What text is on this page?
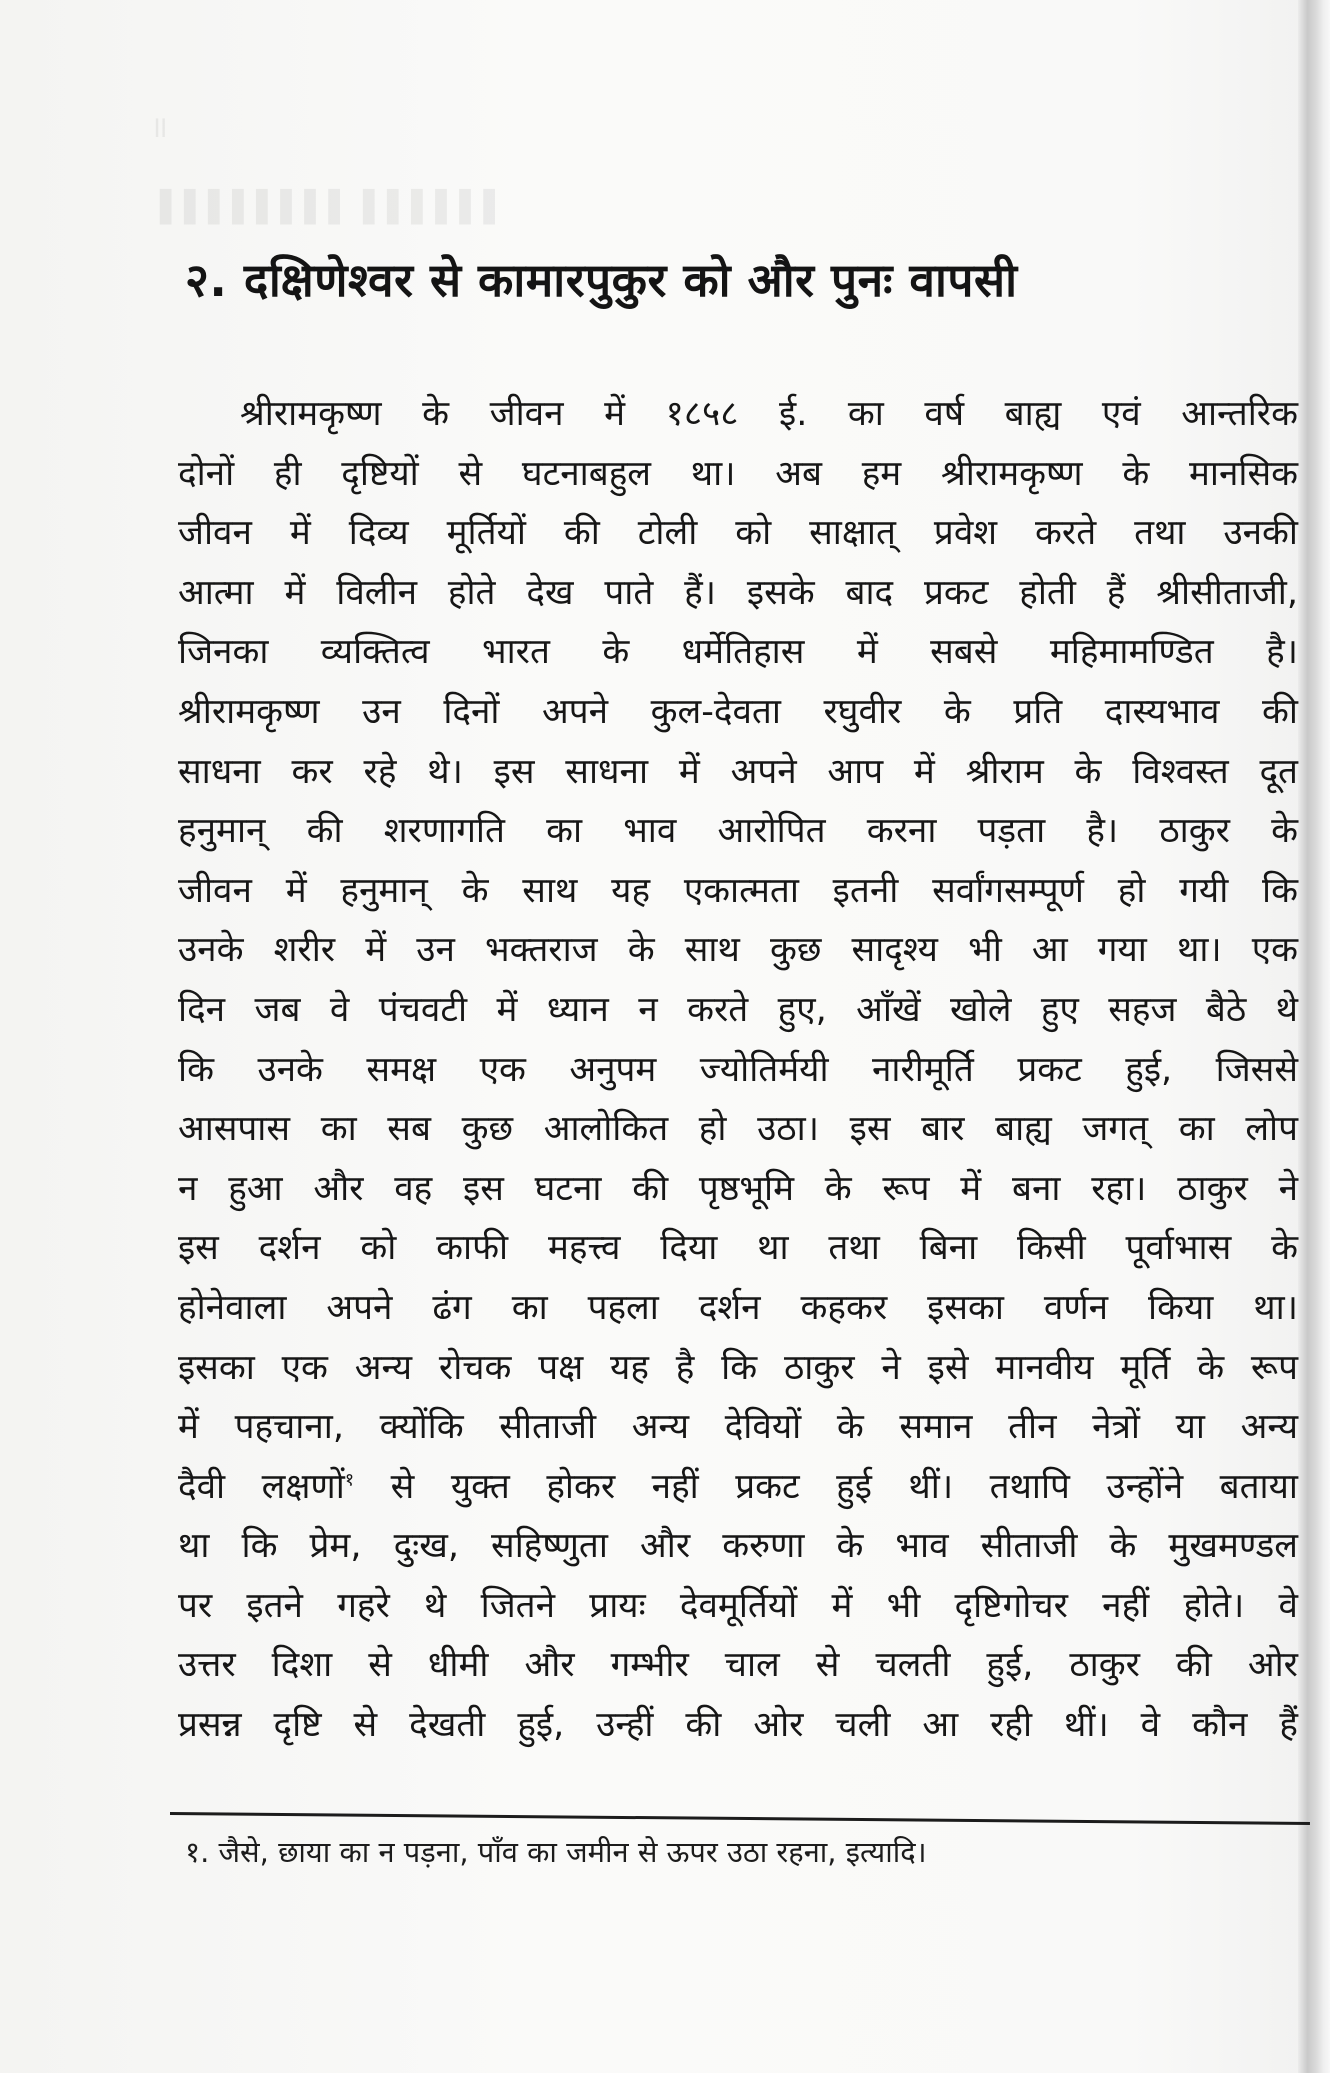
॥
▌▌▌▌▌▌▌▌ ▌▌▌▌▌▌
२. दक्षिणेश्वर से कामारपुकुर को और पुनः वापसी
श्रीरामकृष्ण के जीवन में १८५८ ई. का वर्ष बाह्य एवं आन्तरिक
दोनों ही दृष्टियों से घटनाबहुल था। अब हम श्रीरामकृष्ण के मानसिक
जीवन में दिव्य मूर्तियों की टोली को साक्षात् प्रवेश करते तथा उनकी
आत्मा में विलीन होते देख पाते हैं। इसके बाद प्रकट होती हैं श्रीसीताजी,
जिनका व्यक्तित्व भारत के धर्मेतिहास में सबसे महिमामण्डित है।
श्रीरामकृष्ण उन दिनों अपने कुल-देवता रघुवीर के प्रति दास्यभाव की
साधना कर रहे थे। इस साधना में अपने आप में श्रीराम के विश्वस्त दूत
हनुमान् की शरणागति का भाव आरोपित करना पड़ता है। ठाकुर के
जीवन में हनुमान् के साथ यह एकात्मता इतनी सर्वांगसम्पूर्ण हो गयी कि
उनके शरीर में उन भक्तराज के साथ कुछ सादृश्य भी आ गया था। एक
दिन जब वे पंचवटी में ध्यान न करते हुए, आँखें खोले हुए सहज बैठे थे
कि उनके समक्ष एक अनुपम ज्योतिर्मयी नारीमूर्ति प्रकट हुई, जिससे
आसपास का सब कुछ आलोकित हो उठा। इस बार बाह्य जगत् का लोप
न हुआ और वह इस घटना की पृष्ठभूमि के रूप में बना रहा। ठाकुर ने
इस दर्शन को काफी महत्त्व दिया था तथा बिना किसी पूर्वाभास के
होनेवाला अपने ढंग का पहला दर्शन कहकर इसका वर्णन किया था।
इसका एक अन्य रोचक पक्ष यह है कि ठाकुर ने इसे मानवीय मूर्ति के रूप
में पहचाना, क्योंकि सीताजी अन्य देवियों के समान तीन नेत्रों या अन्य
दैवी लक्षणों$^१$ से युक्त होकर नहीं प्रकट हुई थीं। तथापि उन्होंने बताया
था कि प्रेम, दुःख, सहिष्णुता और करुणा के भाव सीताजी के मुखमण्डल
पर इतने गहरे थे जितने प्रायः देवमूर्तियों में भी दृष्टिगोचर नहीं होते। वे
उत्तर दिशा से धीमी और गम्भीर चाल से चलती हुई, ठाकुर की ओर
प्रसन्न दृष्टि से देखती हुई, उन्हीं की ओर चली आ रही थीं। वे कौन हैं
१. जैसे, छाया का न पड़ना, पाँव का जमीन से ऊपर उठा रहना, इत्यादि।
